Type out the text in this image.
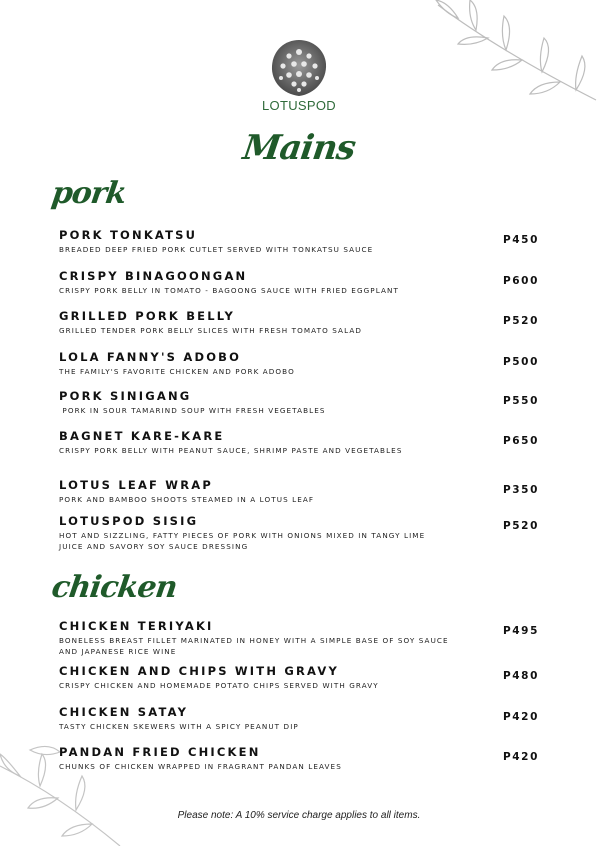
LOTUSPOD
Mains
pork
PORK TONKATSU
BREADED DEEP FRIED PORK CUTLET SERVED WITH TONKATSU SAUCE
P450
CRISPY BINAGOONGAN
CRISPY PORK BELLY IN TOMATO - BAGOONG SAUCE WITH FRIED EGGPLANT
P600
GRILLED PORK BELLY
GRILLED TENDER PORK BELLY SLICES WITH FRESH TOMATO SALAD
P520
LOLA FANNY'S ADOBO
THE FAMILY'S FAVORITE CHICKEN AND PORK ADOBO
P500
PORK SINIGANG
PORK IN SOUR TAMARIND SOUP WITH FRESH VEGETABLES
P550
BAGNET KARE-KARE
CRISPY PORK BELLY WITH PEANUT SAUCE, SHRIMP PASTE AND VEGETABLES
P650
LOTUS LEAF WRAP
PORK AND BAMBOO SHOOTS STEAMED IN A LOTUS LEAF
P350
LOTUSPOD SISIG
HOT AND SIZZLING, FATTY PIECES OF PORK WITH ONIONS MIXED IN TANGY LIME JUICE AND SAVORY SOY SAUCE DRESSING
P520
chicken
CHICKEN TERIYAKI
BONELESS BREAST FILLET MARINATED IN HONEY WITH A SIMPLE BASE OF SOY SAUCE AND JAPANESE RICE WINE
P495
CHICKEN AND CHIPS WITH GRAVY
CRISPY CHICKEN AND HOMEMADE POTATO CHIPS SERVED WITH GRAVY
P480
CHICKEN SATAY
TASTY CHICKEN SKEWERS WITH A SPICY PEANUT DIP
P420
PANDAN FRIED CHICKEN
CHUNKS OF CHICKEN WRAPPED IN FRAGRANT PANDAN LEAVES
P420
Please note: A 10% service charge applies to all items.
